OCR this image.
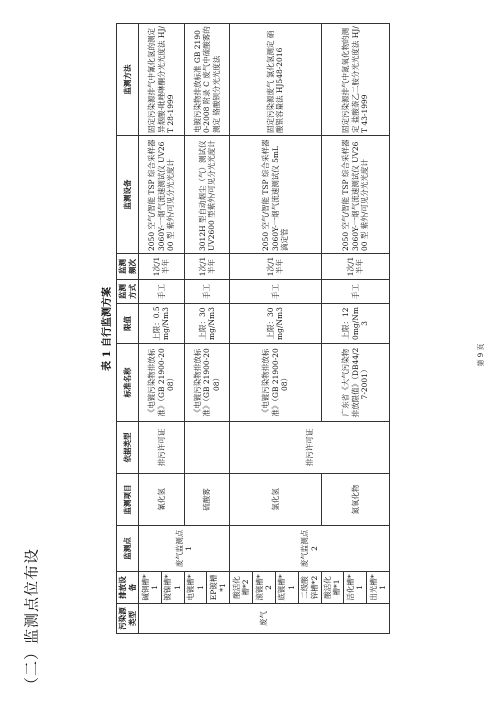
（二）监测点位布设
表 1 自行监测方案
污染源类型	排放设备	监测点	监测项目	依据类型	标准名称	限值	监测方式	监测频次	监测设备	监测方法
废气	碱铜槽*1	废气监测点 1	氰化氢	排污许可证	《电镀污染物排放标准》（GB 21900-2008）	上限：0.5mg/Nm3	手工	1次/1半年	2050 空气/智能 TSP 综合采样器 3060Y-一烟气流速测试仪 UV2600 型 紫外/可见分光光度计	固定污染源排气中氰化氢的测定 异烟酸-吡唑啉酮分光光度法 HJ/T 28-1999
	镀镍槽*1									
	电镀槽*1		硫酸雾		《电镀污染物排放标准》（GB 21900-2008）	上限：30mg/Nm3	手工	1次/1半年	3012H 型自动烟尘（气）测试仪 UV2600 型紫外/可见分光光度计	电镀污染物排放标准 GB 21900-2008 附录 C 废气中硫酸雾的测定 铬酸钡分光光度法
	EP镀槽*1									
	酸活化槽*2	废气监测点 2	氯化氢	排污许可证	《电镀污染物排放标准》（GB 21900-2008）	上限：30mg/Nm3	手工	1次/1半年	2050 空气/智能 TSP 综合采样器 3060Y-一烟气流速测试仪 5mL 滴定管	固定污染源废气 氯化氢测定 硝酸银容量法 HJ548-2016
	滚镀槽*2									
	底镀槽*1									
	二级酸锌槽*2									
	酸活化槽*1		氮氧化物		广东省《大气污染物排放限值》（DB44/27-2001）	上限：120mg/Nm3	手工	1次/1半年	2050 空气/智能 TSP 综合采样器 3060Y-一烟气流速测试仪 UV2600 型 紫外/可见分光光度计	固定污染源排气中氮氧化物的测定 盐酸萘乙二胺分光光度法 HJ/T 43-1999
	活化槽*1									
	出光槽*1									
第 9 页
